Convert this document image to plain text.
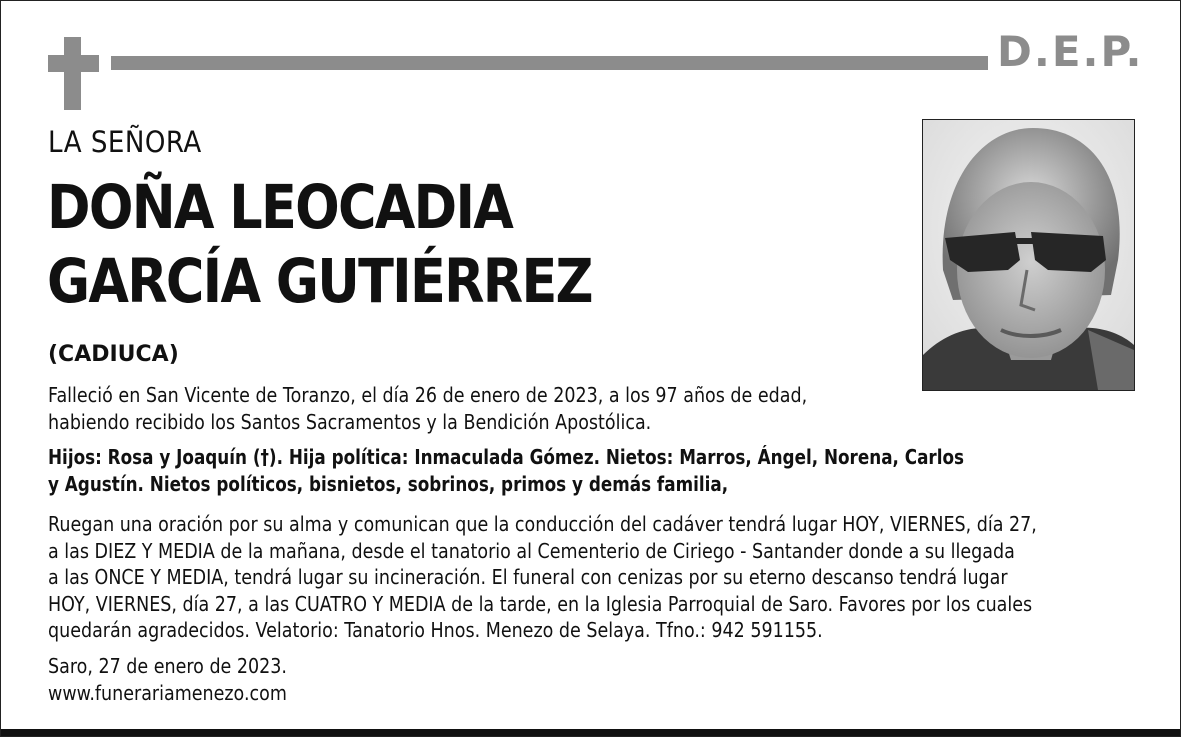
D.E.P.
LA SEÑORA
DOÑA LEOCADIA
GARCÍA GUTIÉRREZ
(CADIUCA)
Falleció en San Vicente de Toranzo, el día 26 de enero de 2023, a los 97 años de edad,
habiendo recibido los Santos Sacramentos y la Bendición Apostólica.
Hijos: Rosa y Joaquín (†). Hija política: Inmaculada Gómez. Nietos: Marros, Ángel, Norena, Carlos
y Agustín. Nietos políticos, bisnietos, sobrinos, primos y demás familia,
Ruegan una oración por su alma y comunican que la conducción del cadáver tendrá lugar HOY, VIERNES, día 27,
a las DIEZ Y MEDIA de la mañana, desde el tanatorio al Cementerio de Ciriego - Santander donde a su llegada
a las ONCE Y MEDIA, tendrá lugar su incineración. El funeral con cenizas por su eterno descanso tendrá lugar
HOY, VIERNES, día 27, a las CUATRO Y MEDIA de la tarde, en la Iglesia Parroquial de Saro. Favores por los cuales
quedarán agradecidos. Velatorio: Tanatorio Hnos. Menezo de Selaya. Tfno.: 942 591155.
Saro, 27 de enero de 2023.
www.funerariamenezo.com
